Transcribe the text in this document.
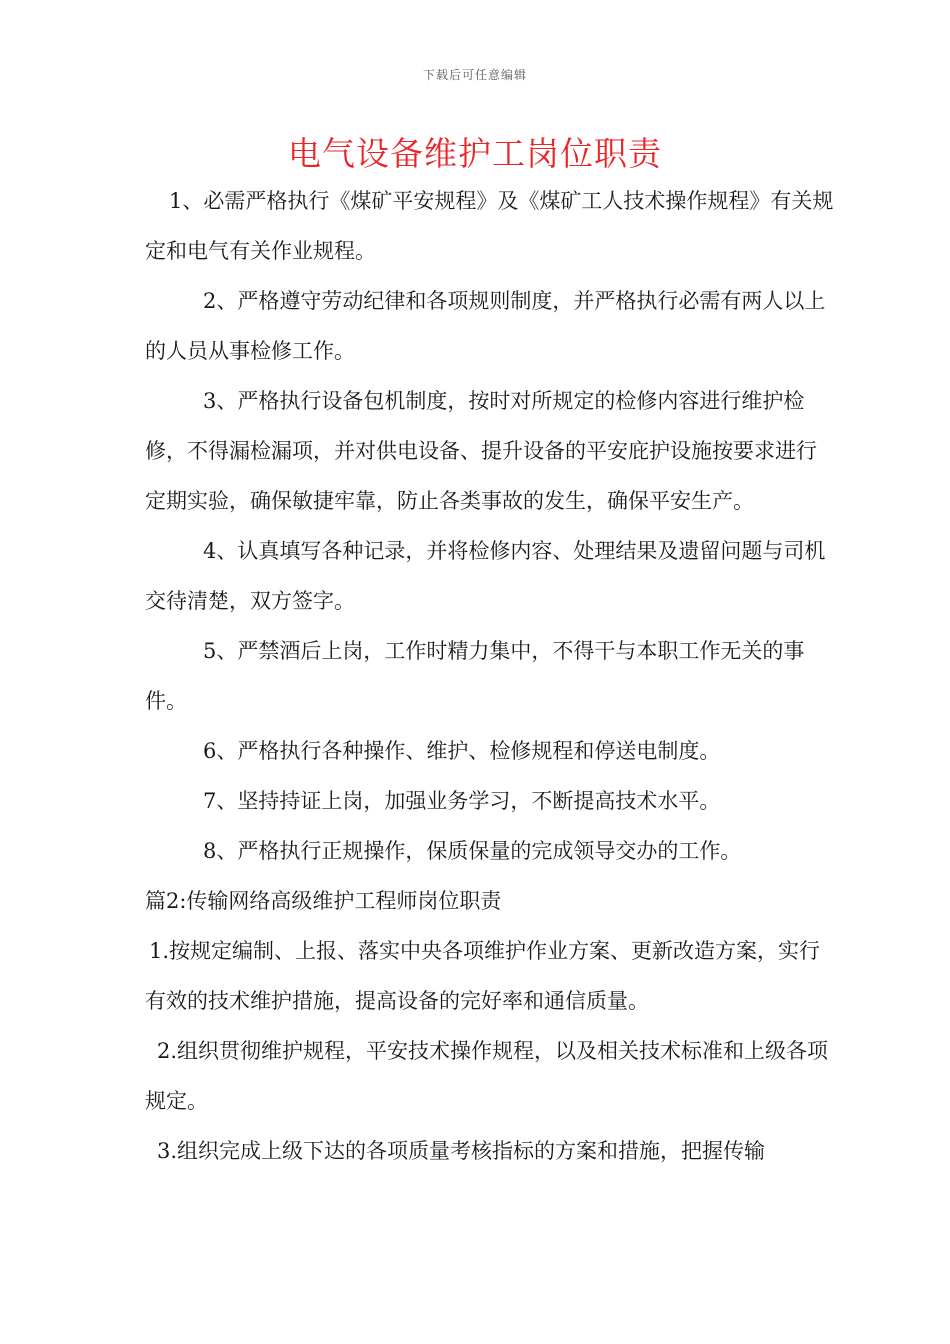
下载后可任意编辑
电气设备维护工岗位职责

1、必需严格执行《煤矿平安规程》及《煤矿工人技术操作规程》有关规定和电气有关作业规程。

2、严格遵守劳动纪律和各项规则制度，并严格执行必需有两人以上的人员从事检修工作。

3、严格执行设备包机制度，按时对所规定的检修内容进行维护检修，不得漏检漏项，并对供电设备、提升设备的平安庇护设施按要求进行定期实验，确保敏捷牢靠，防止各类事故的发生，确保平安生产。

4、认真填写各种记录，并将检修内容、处理结果及遗留问题与司机交待清楚，双方签字。

5、严禁酒后上岗，工作时精力集中，不得干与本职工作无关的事件。

6、严格执行各种操作、维护、检修规程和停送电制度。

7、坚持持证上岗，加强业务学习，不断提高技术水平。

8、严格执行正规操作，保质保量的完成领导交办的工作。

篇2:传输网络高级维护工程师岗位职责

1.按规定编制、上报、落实中央各项维护作业方案、更新改造方案，实行有效的技术维护措施，提高设备的完好率和通信质量。

2.组织贯彻维护规程，平安技术操作规程，以及相关技术标准和上级各项规定。

3.组织完成上级下达的各项质量考核指标的方案和措施，把握传输
